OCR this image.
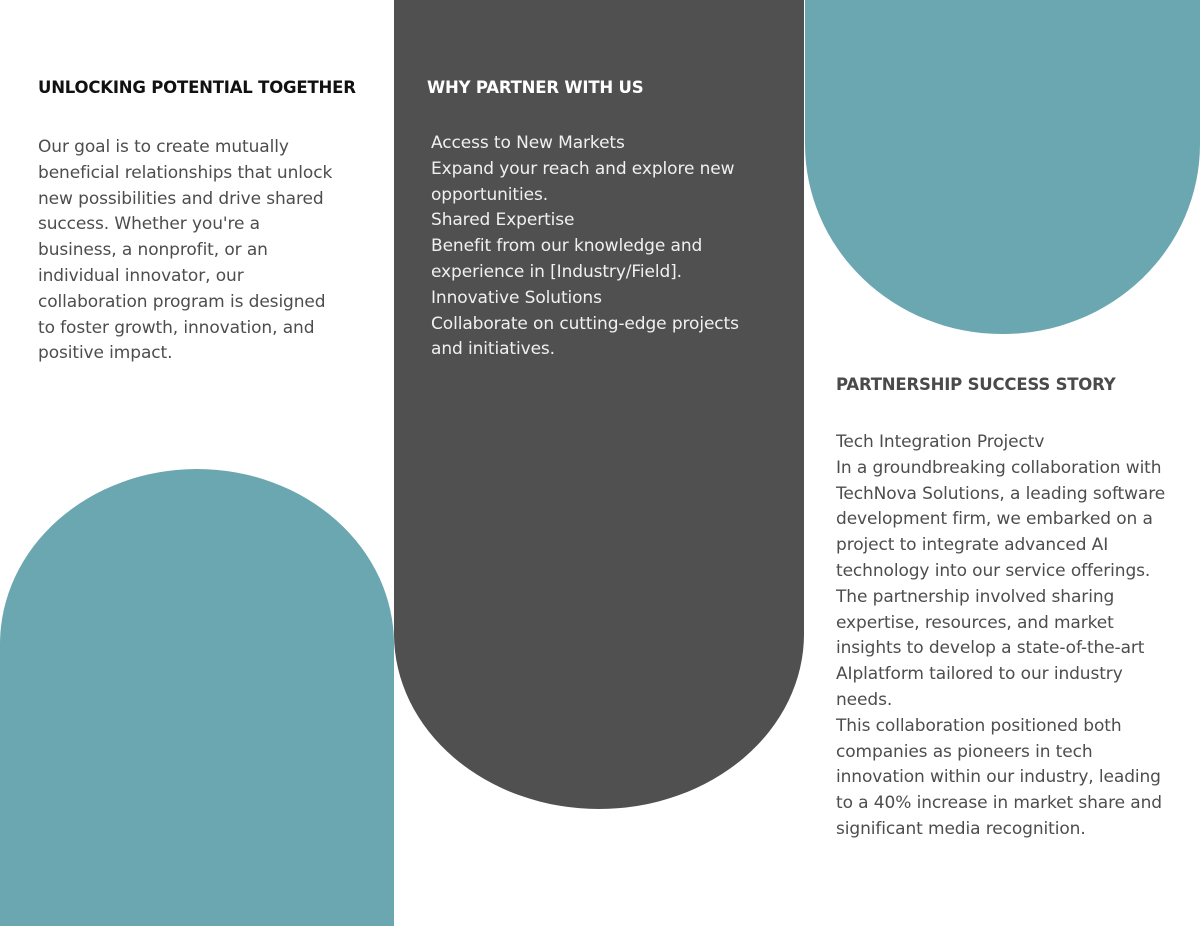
UNLOCKING POTENTIAL TOGETHER

Our goal is to create mutually
beneficial relationships that unlock
new possibilities and drive shared
success. Whether you're a
business, a nonprofit, or an
individual innovator, our
collaboration program is designed
to foster growth, innovation, and
positive impact.

WHY PARTNER WITH US

Access to New Markets
Expand your reach and explore new
opportunities.
Shared Expertise
Benefit from our knowledge and
experience in [Industry/Field].
Innovative Solutions
Collaborate on cutting-edge projects
and initiatives.

PARTNERSHIP SUCCESS STORY

Tech Integration Projectv
In a groundbreaking collaboration with
TechNova Solutions, a leading software
development firm, we embarked on a
project to integrate advanced AI
technology into our service offerings.
The partnership involved sharing
expertise, resources, and market
insights to develop a state-of-the-art
AIplatform tailored to our industry
needs.
This collaboration positioned both
companies as pioneers in tech
innovation within our industry, leading
to a 40% increase in market share and
significant media recognition.
